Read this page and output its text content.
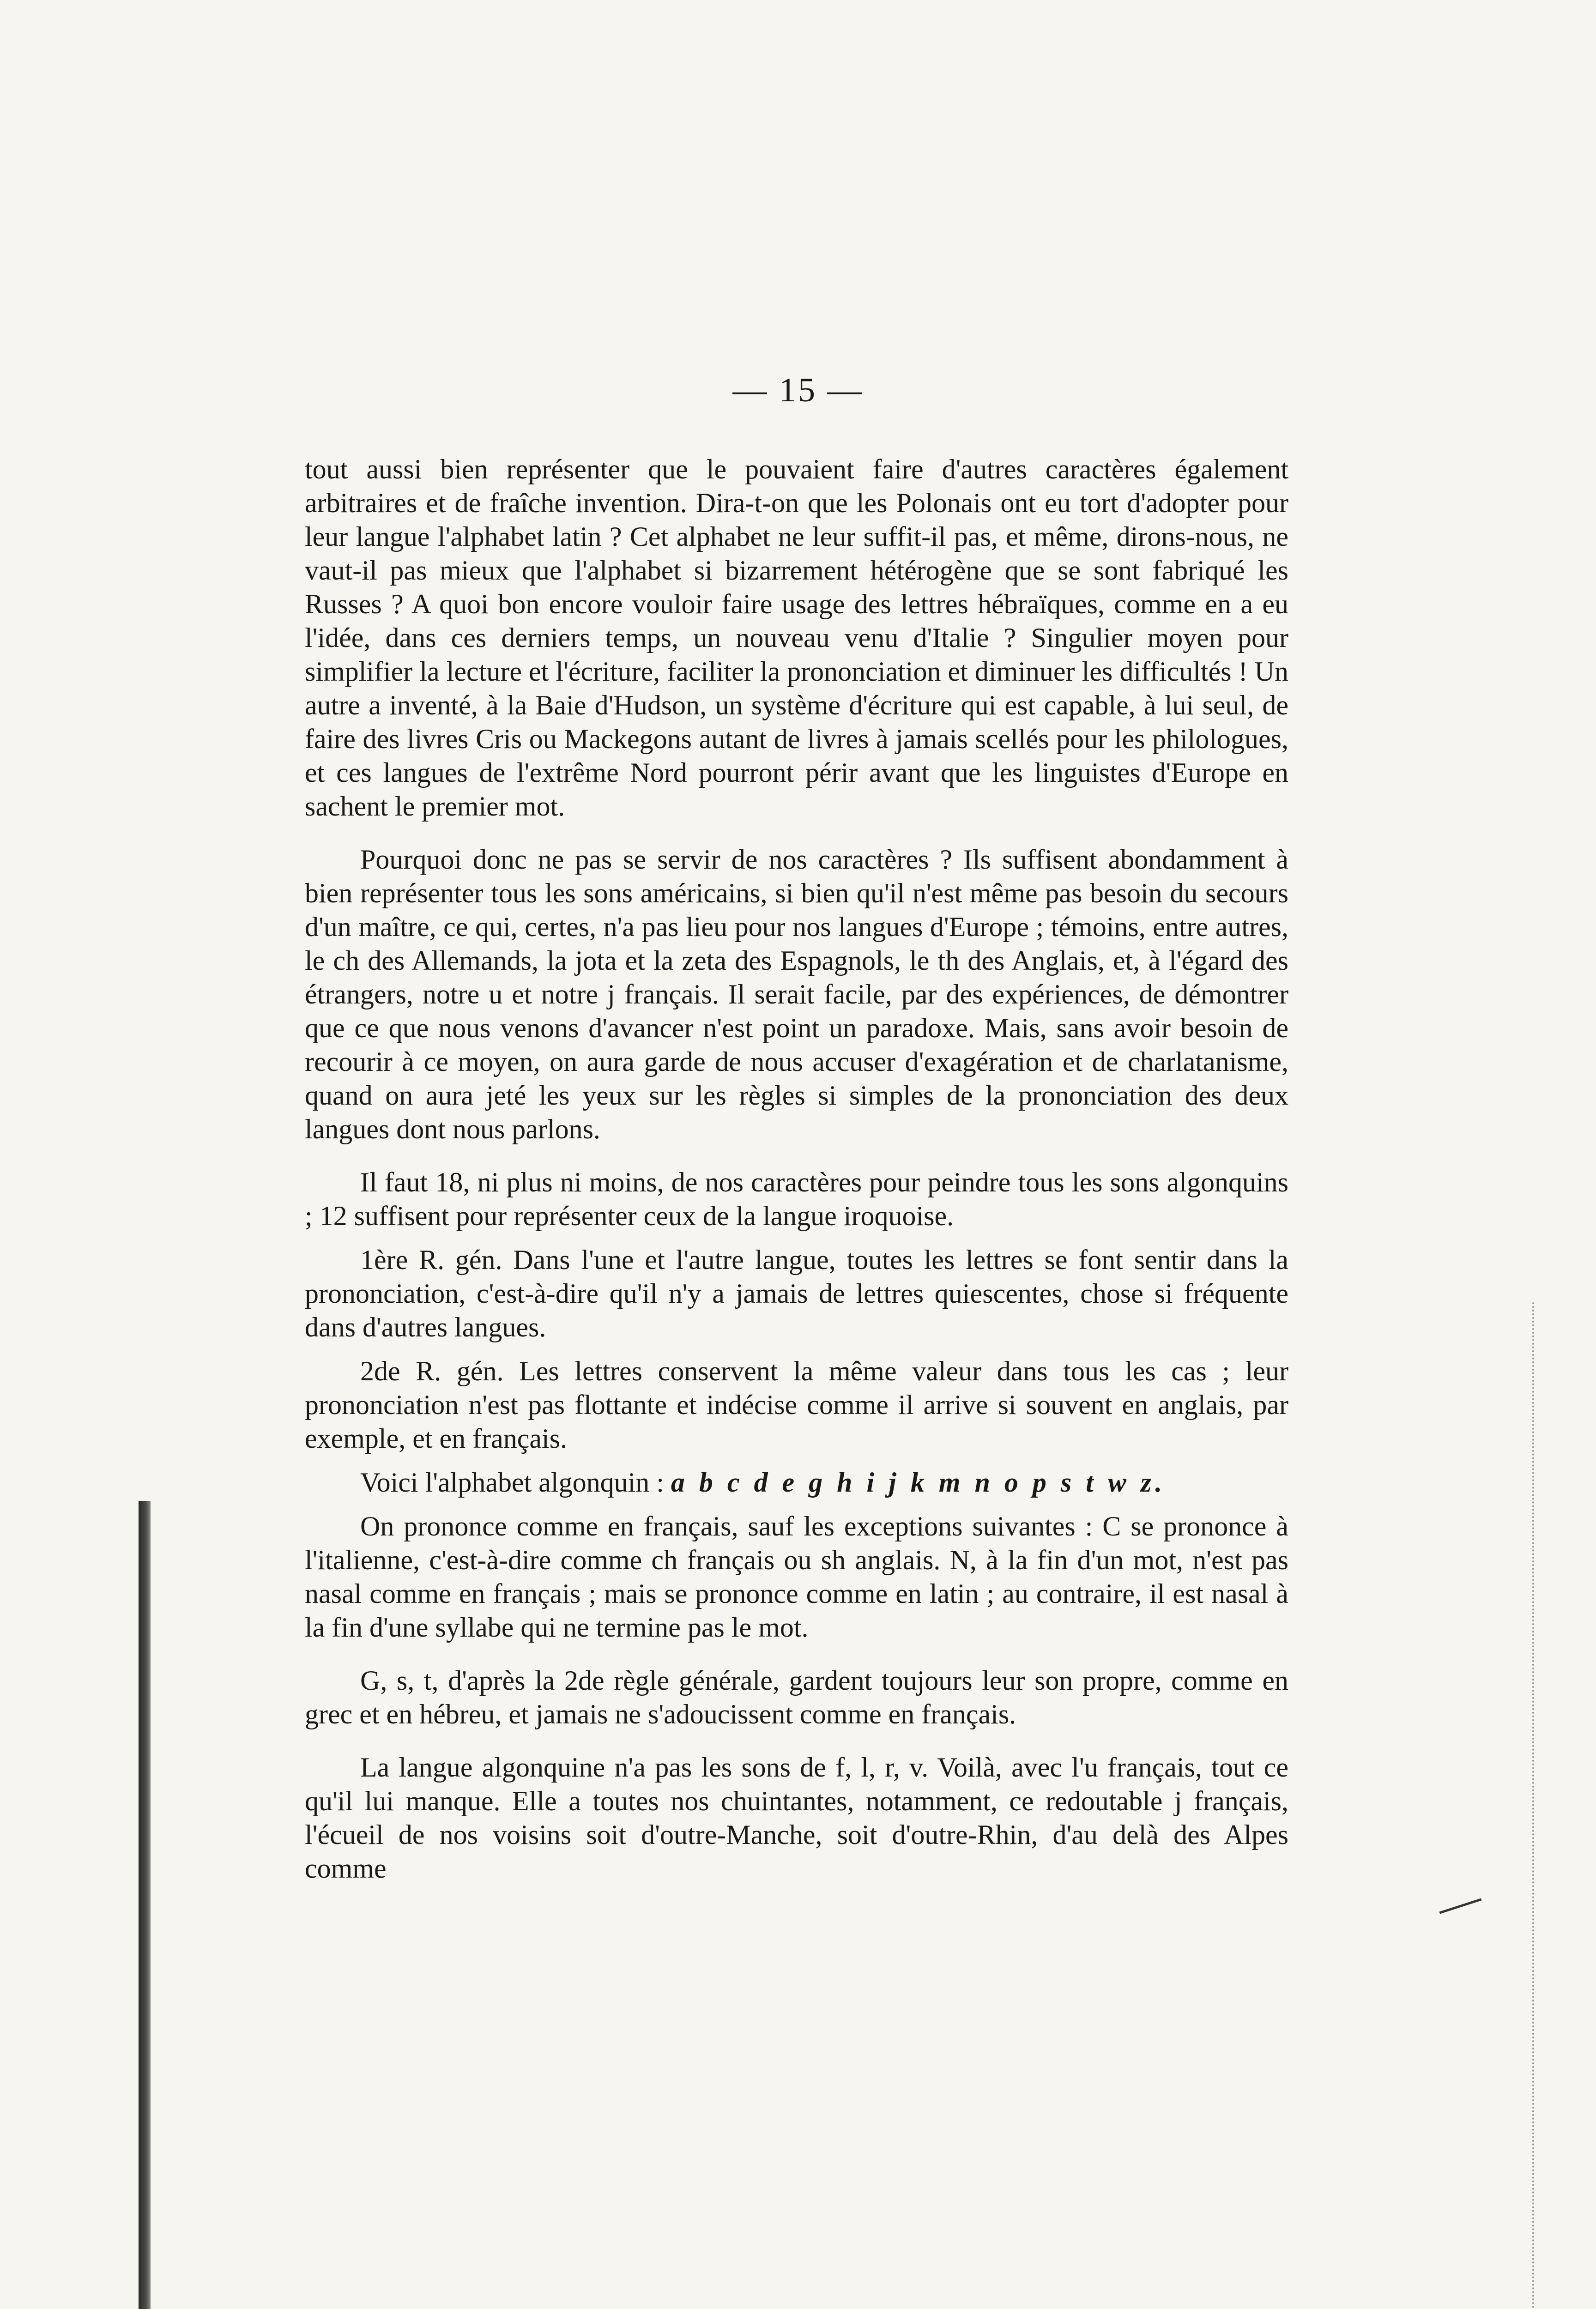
— 15 —

tout aussi bien représenter que le pouvaient faire d'autres caractères également arbitraires et de fraîche invention. Dira-t-on que les Polonais ont eu tort d'adopter pour leur langue l'alphabet latin ? Cet alphabet ne leur suffit-il pas, et même, dirons-nous, ne vaut-il pas mieux que l'alphabet si bizarrement hétérogène que se sont fabriqué les Russes ? A quoi bon encore vouloir faire usage des lettres hébraïques, comme en a eu l'idée, dans ces derniers temps, un nouveau venu d'Italie ? Singulier moyen pour simplifier la lecture et l'écriture, faciliter la prononciation et diminuer les difficultés ! Un autre a inventé, à la Baie d'Hudson, un système d'écriture qui est capable, à lui seul, de faire des livres Cris ou Mackegons autant de livres à jamais scellés pour les philologues, et ces langues de l'extrême Nord pourront périr avant que les linguistes d'Europe en sachent le premier mot.

Pourquoi donc ne pas se servir de nos caractères ? Ils suffisent abondamment à bien représenter tous les sons américains, si bien qu'il n'est même pas besoin du secours d'un maître, ce qui, certes, n'a pas lieu pour nos langues d'Europe ; témoins, entre autres, le ch des Allemands, la jota et la zeta des Espagnols, le th des Anglais, et, à l'égard des étrangers, notre u et notre j français. Il serait facile, par des expériences, de démontrer que ce que nous venons d'avancer n'est point un paradoxe. Mais, sans avoir besoin de recourir à ce moyen, on aura garde de nous accuser d'exagération et de charlatanisme, quand on aura jeté les yeux sur les règles si simples de la prononciation des deux langues dont nous parlons.

Il faut 18, ni plus ni moins, de nos caractères pour peindre tous les sons algonquins ; 12 suffisent pour représenter ceux de la langue iroquoise.

1ère R. gén. Dans l'une et l'autre langue, toutes les lettres se font sentir dans la prononciation, c'est-à-dire qu'il n'y a jamais de lettres quiescentes, chose si fréquente dans d'autres langues.

2de R. gén. Les lettres conservent la même valeur dans tous les cas ; leur prononciation n'est pas flottante et indécise comme il arrive si souvent en anglais, par exemple, et en français.

Voici l'alphabet algonquin : a b c d e g h i j k m n o p s t w z.

On prononce comme en français, sauf les exceptions suivantes : C se prononce à l'italienne, c'est-à-dire comme ch français ou sh anglais. N, à la fin d'un mot, n'est pas nasal comme en français ; mais se prononce comme en latin ; au contraire, il est nasal à la fin d'une syllabe qui ne termine pas le mot.

G, s, t, d'après la 2de règle générale, gardent toujours leur son propre, comme en grec et en hébreu, et jamais ne s'adoucissent comme en français.

La langue algonquine n'a pas les sons de f, l, r, v. Voilà, avec l'u français, tout ce qu'il lui manque. Elle a toutes nos chuintantes, notamment, ce redoutable j français, l'écueil de nos voisins soit d'outre-Manche, soit d'outre-Rhin, d'au delà des Alpes comme
